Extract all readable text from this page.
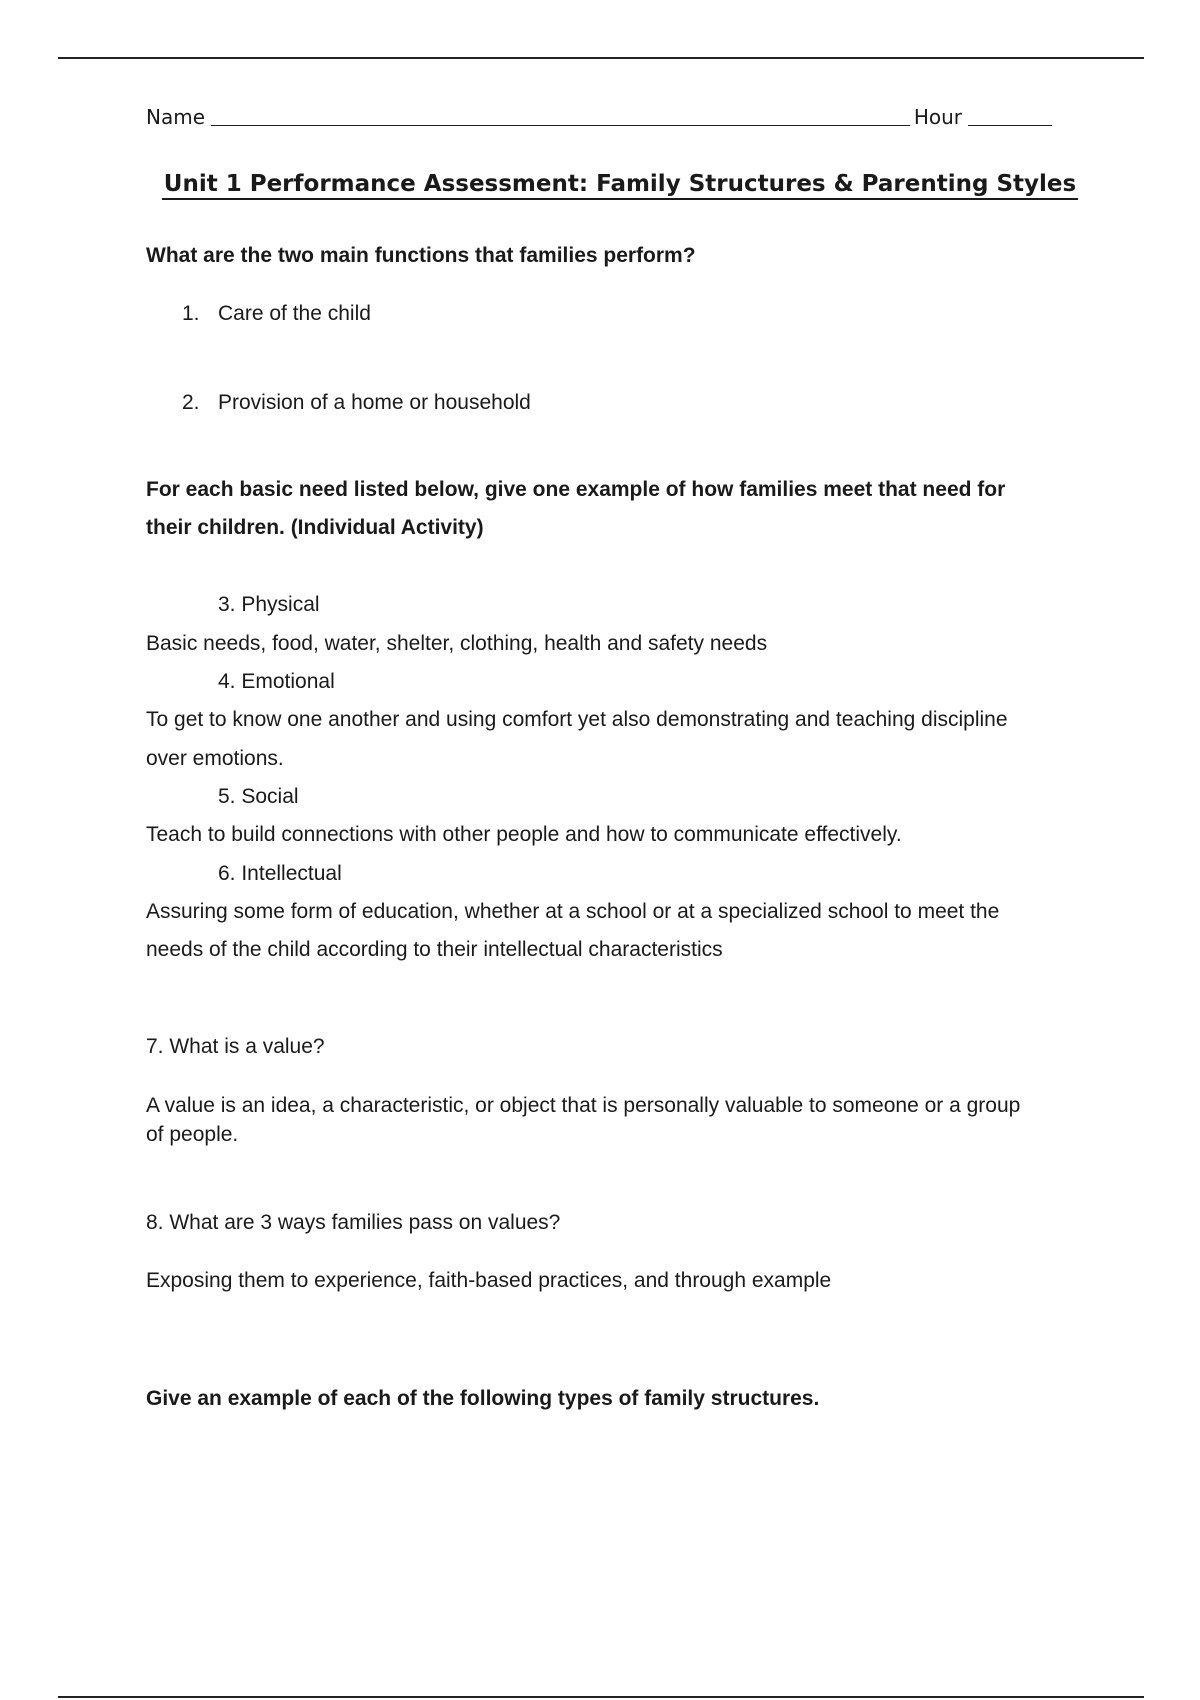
Name	Hour
Unit 1 Performance Assessment: Family Structures & Parenting Styles

What are the two main functions that families perform?

1. Care of the child
2. Provision of a home or household

For each basic need listed below, give one example of how families meet that need for

their children. (Individual Activity)

3. Physical

Basic needs, food, water, shelter, clothing, health and safety needs

4. Emotional

To get to know one another and using comfort yet also demonstrating and teaching discipline

over emotions.

5. Social

Teach to build connections with other people and how to communicate effectively.

6. Intellectual

Assuring some form of education, whether at a school or at a specialized school to meet the

needs of the child according to their intellectual characteristics

7. What is a value?

A value is an idea, a characteristic, or object that is personally valuable to someone or a group

of people.

8. What are 3 ways families pass on values?

Exposing them to experience, faith-based practices, and through example

Give an example of each of the following types of family structures.
